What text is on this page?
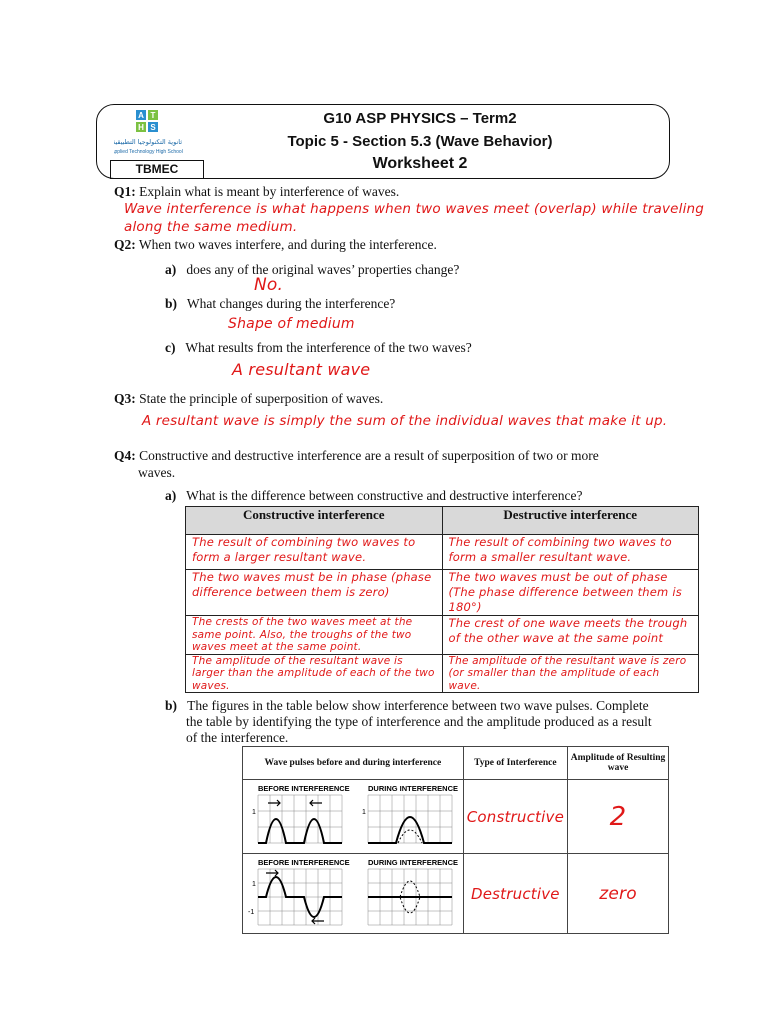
A T
H S
ثانوية التكنولوجيا التطبيقية
Applied Technology High School
TBMEC
G10 ASP PHYSICS – Term2
Topic 5 - Section 5.3 (Wave Behavior)
Worksheet 2
Q1: Explain what is meant by interference of waves.
Wave interference is what happens when two waves meet (overlap) while traveling
along the same medium.
Q2: When two waves interfere, and during the interference.
a) does any of the original waves’ properties change?
No.
b) What changes during the interference?
Shape of medium
c) What results from the interference of the two waves?
A resultant wave
Q3: State the principle of superposition of waves.
A resultant wave is simply the sum of the individual waves that make it up.
Q4: Constructive and destructive interference are a result of superposition of two or more
waves.
a) What is the difference between constructive and destructive interference?
Constructive interference	Destructive interference

The result of combining two waves to form a larger resultant wave.	The result of combining two waves to form a smaller resultant wave.

The two waves must be in phase (phase difference between them is zero)	The two waves must be out of phase (The phase difference between them is 180°)

The crests of the two waves meet at the same point. Also, the troughs of the two waves meet at the same point.	The crest of one wave meets the trough of the other wave at the same point

The amplitude of the resultant wave is larger than the amplitude of each of the two waves.	The amplitude of the resultant wave is zero (or smaller than the amplitude of each wave.
b) The figures in the table below show interference between two wave pulses. Complete
the table by identifying the type of interference and the amplitude produced as a result
of the interference.
Wave pulses before and during interference	Type of Interference	Amplitude of Resulting wave

BEFORE INTERFERENCE DURING INTERFERENCE
1 1	Constructive	2

BEFORE INTERFERENCE DURING INTERFERENCE
1
-1	Destructive	zero
